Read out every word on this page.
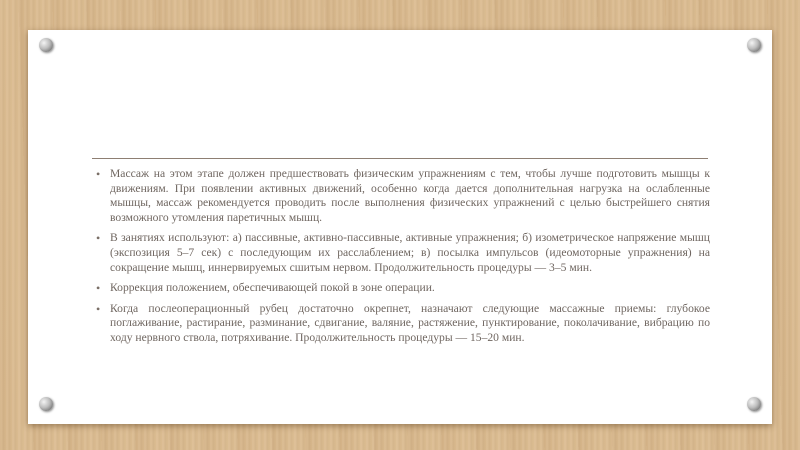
• Массаж на этом этапе должен предшествовать физическим упражнениям с тем, чтобы лучше подготовить мышцы к движениям. При появлении активных движений, особенно когда дается дополнительная нагрузка на ослабленные мышцы, массаж рекомендуется проводить после выполнения физических упражнений с целью быстрейшего снятия возможного утомления паретичных мышц.

• В занятиях используют: а) пассивные, активно-пассивные, активные упражнения; б) изометрическое напряжение мышц (экспозиция 5–7 сек) с последующим их расслаблением; в) посылка импульсов (идеомоторные упражнения) на сокращение мышц, иннервируемых сшитым нервом. Продолжительность процедуры — 3–5 мин.

• Коррекция положением, обеспечивающей покой в зоне операции.

• Когда послеоперационный рубец достаточно окрепнет, назначают следующие массажные приемы: глубокое поглаживание, растирание, разминание, сдвигание, валяние, растяжение, пунктирование, поколачивание, вибрацию по ходу нервного ствола, потряхивание. Продолжительность процедуры — 15–20 мин.
